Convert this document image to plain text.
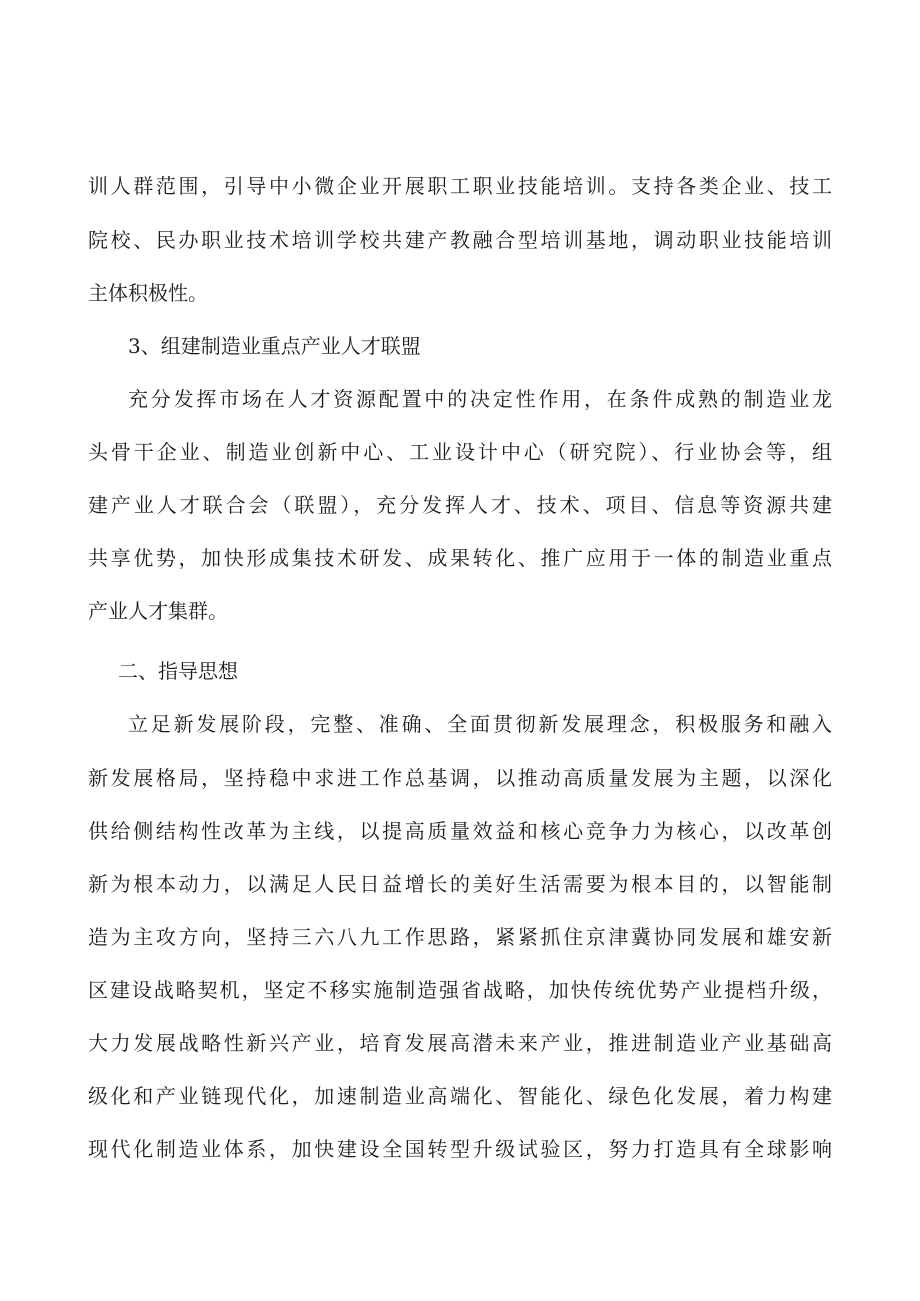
训人群范围，引导中小微企业开展职工职业技能培训。支持各类企业、技工
院校、民办职业技术培训学校共建产教融合型培训基地，调动职业技能培训
主体积极性。
3、组建制造业重点产业人才联盟
充分发挥市场在人才资源配置中的决定性作用，在条件成熟的制造业龙
头骨干企业、制造业创新中心、工业设计中心（研究院）、行业协会等，组
建产业人才联合会（联盟），充分发挥人才、技术、项目、信息等资源共建
共享优势，加快形成集技术研发、成果转化、推广应用于一体的制造业重点
产业人才集群。
二、指导思想
立足新发展阶段，完整、准确、全面贯彻新发展理念，积极服务和融入
新发展格局，坚持稳中求进工作总基调，以推动高质量发展为主题，以深化
供给侧结构性改革为主线，以提高质量效益和核心竞争力为核心，以改革创
新为根本动力，以满足人民日益增长的美好生活需要为根本目的，以智能制
造为主攻方向，坚持三六八九工作思路，紧紧抓住京津冀协同发展和雄安新
区建设战略契机，坚定不移实施制造强省战略，加快传统优势产业提档升级，
大力发展战略性新兴产业，培育发展高潜未来产业，推进制造业产业基础高
级化和产业链现代化，加速制造业高端化、智能化、绿色化发展，着力构建
现代化制造业体系，加快建设全国转型升级试验区，努力打造具有全球影响
